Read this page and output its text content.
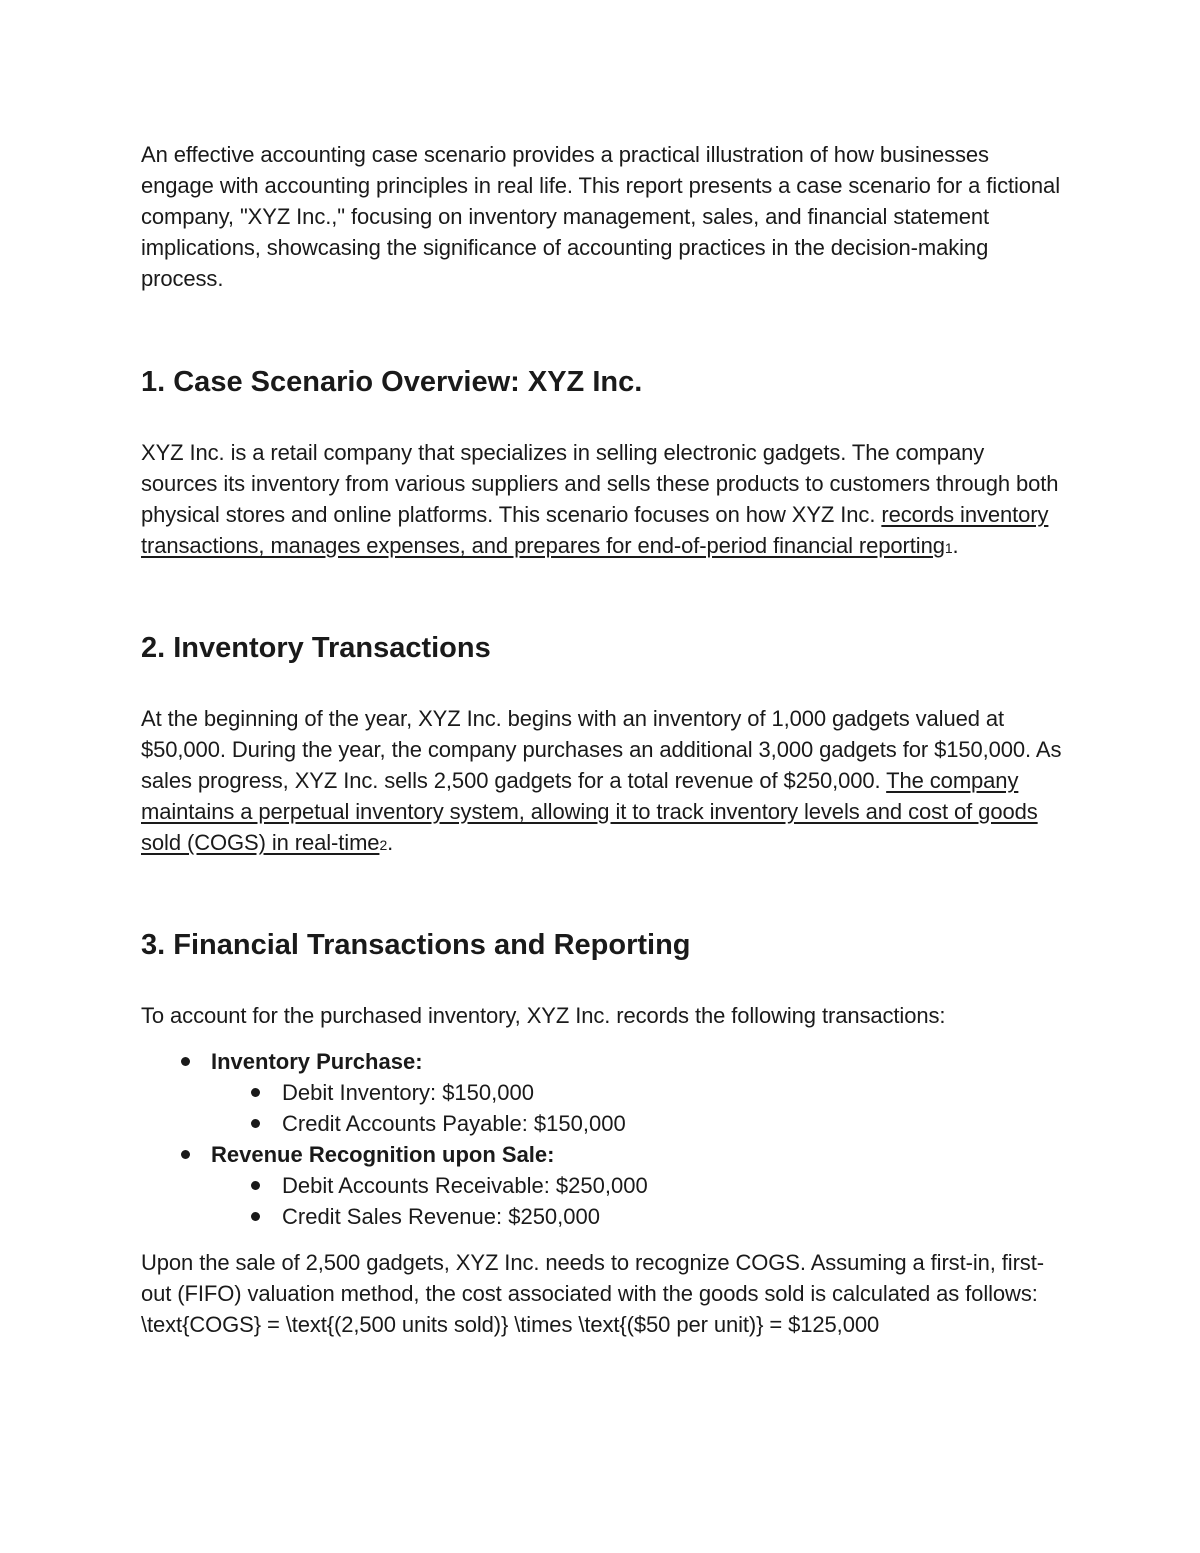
An effective accounting case scenario provides a practical illustration of how businesses engage with accounting principles in real life. This report presents a case scenario for a fictional company, "XYZ Inc.," focusing on inventory management, sales, and financial statement implications, showcasing the significance of accounting practices in the decision-making process.

1. Case Scenario Overview: XYZ Inc.

XYZ Inc. is a retail company that specializes in selling electronic gadgets. The company sources its inventory from various suppliers and sells these products to customers through both physical stores and online platforms. This scenario focuses on how XYZ Inc. records inventory transactions, manages expenses, and prepares for end-of-period financial reporting1.

2. Inventory Transactions

At the beginning of the year, XYZ Inc. begins with an inventory of 1,000 gadgets valued at $50,000. During the year, the company purchases an additional 3,000 gadgets for $150,000. As sales progress, XYZ Inc. sells 2,500 gadgets for a total revenue of $250,000. The company maintains a perpetual inventory system, allowing it to track inventory levels and cost of goods sold (COGS) in real-time2.

3. Financial Transactions and Reporting

To account for the purchased inventory, XYZ Inc. records the following transactions:

Inventory Purchase:
Debit Inventory: $150,000
Credit Accounts Payable: $150,000
Revenue Recognition upon Sale:
Debit Accounts Receivable: $250,000
Credit Sales Revenue: $250,000

Upon the sale of 2,500 gadgets, XYZ Inc. needs to recognize COGS. Assuming a first-in, first-out (FIFO) valuation method, the cost associated with the goods sold is calculated as follows:

\text{COGS} = \text{(2,500 units sold)} \times \text{($50 per unit)} = $125,000
